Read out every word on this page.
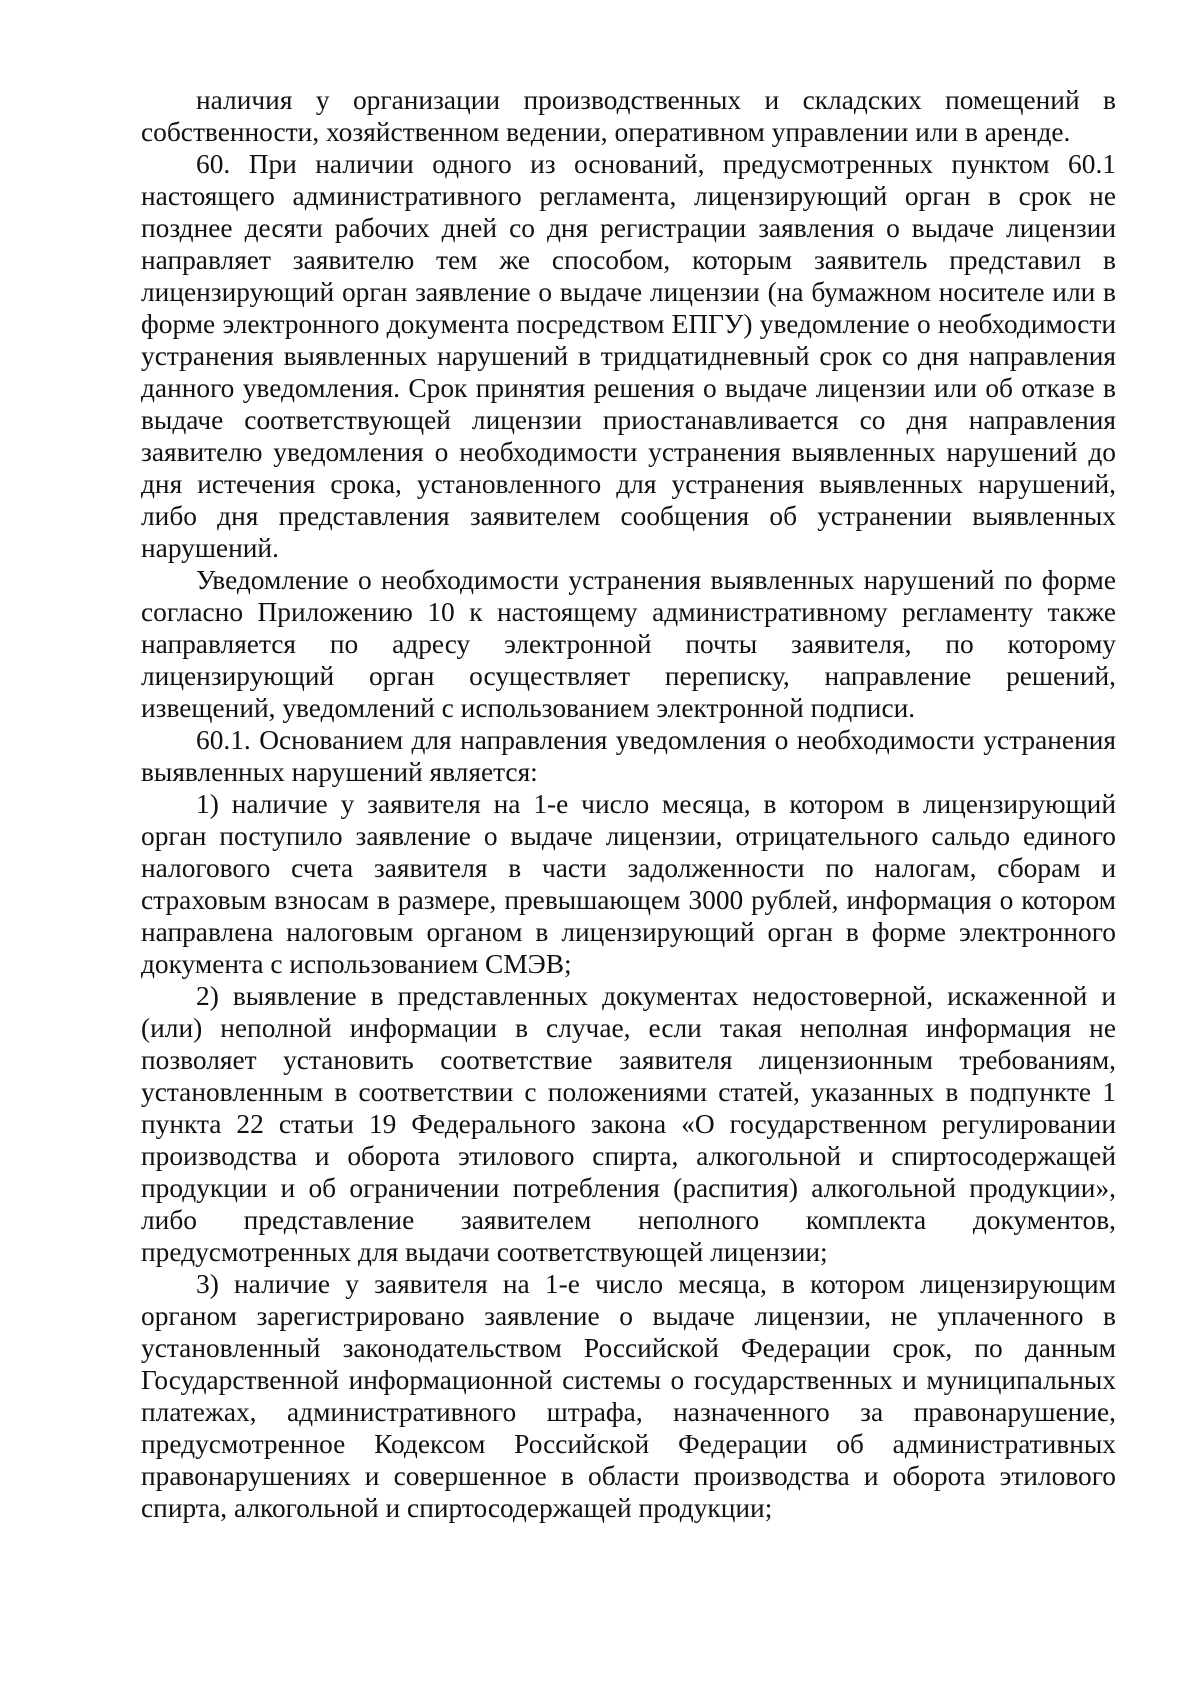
наличия у организации производственных и складских помещений в собственности, хозяйственном ведении, оперативном управлении или в аренде.

60. При наличии одного из оснований, предусмотренных пунктом 60.1 настоящего административного регламента, лицензирующий орган в срок не позднее десяти рабочих дней со дня регистрации заявления о выдаче лицензии направляет заявителю тем же способом, которым заявитель представил в лицензирующий орган заявление о выдаче лицензии (на бумажном носителе или в форме электронного документа посредством ЕПГУ) уведомление о необходимости устранения выявленных нарушений в тридцатидневный срок со дня направления данного уведомления. Срок принятия решения о выдаче лицензии или об отказе в выдаче соответствующей лицензии приостанавливается со дня направления заявителю уведомления о необходимости устранения выявленных нарушений до дня истечения срока, установленного для устранения выявленных нарушений, либо дня представления заявителем сообщения об устранении выявленных нарушений.

Уведомление о необходимости устранения выявленных нарушений по форме согласно Приложению 10 к настоящему административному регламенту также направляется по адресу электронной почты заявителя, по которому лицензирующий орган осуществляет переписку, направление решений, извещений, уведомлений с использованием электронной подписи.

60.1. Основанием для направления уведомления о необходимости устранения выявленных нарушений является:

1) наличие у заявителя на 1-е число месяца, в котором в лицензирующий орган поступило заявление о выдаче лицензии, отрицательного сальдо единого налогового счета заявителя в части задолженности по налогам, сборам и страховым взносам в размере, превышающем 3000 рублей, информация о котором направлена налоговым органом в лицензирующий орган в форме электронного документа с использованием СМЭВ;

2) выявление в представленных документах недостоверной, искаженной и (или) неполной информации в случае, если такая неполная информация не позволяет установить соответствие заявителя лицензионным требованиям, установленным в соответствии с положениями статей, указанных в подпункте 1 пункта 22 статьи 19 Федерального закона «О государственном регулировании производства и оборота этилового спирта, алкогольной и спиртосодержащей продукции и об ограничении потребления (распития) алкогольной продукции», либо представление заявителем неполного комплекта документов, предусмотренных для выдачи соответствующей лицензии;

3) наличие у заявителя на 1-е число месяца, в котором лицензирующим органом зарегистрировано заявление о выдаче лицензии, не уплаченного в установленный законодательством Российской Федерации срок, по данным Государственной информационной системы о государственных и муниципальных платежах, административного штрафа, назначенного за правонарушение, предусмотренное Кодексом Российской Федерации об административных правонарушениях и совершенное в области производства и оборота этилового спирта, алкогольной и спиртосодержащей продукции;
